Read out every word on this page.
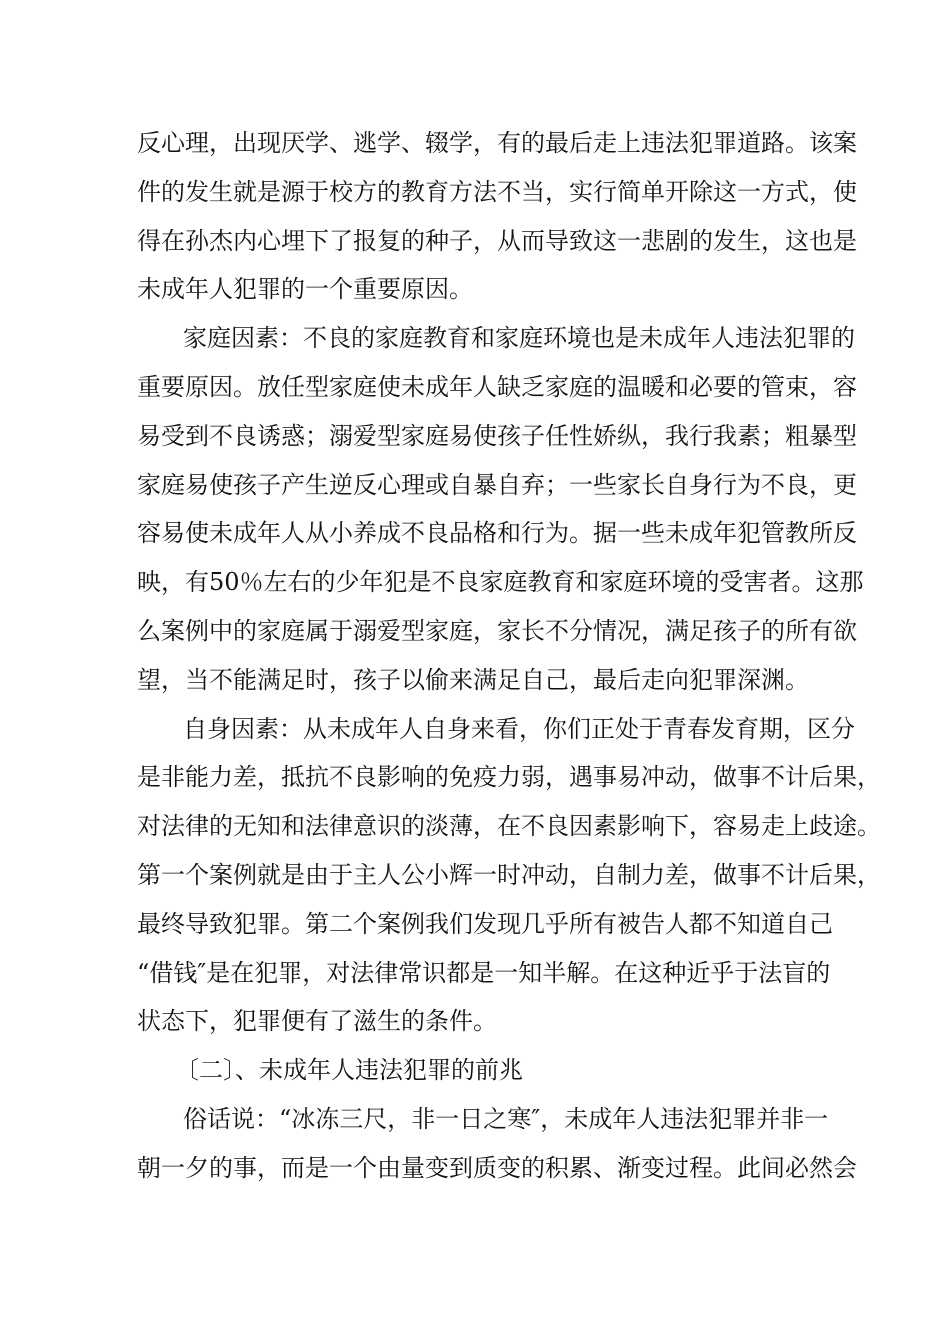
反心理，出现厌学、逃学、辍学，有的最后走上违法犯罪道路。该案
件的发生就是源于校方的教育方法不当，实行简单开除这一方式，使
得在孙杰内心埋下了报复的种子，从而导致这一悲剧的发生，这也是
未成年人犯罪的一个重要原因。
家庭因素：不良的家庭教育和家庭环境也是未成年人违法犯罪的
重要原因。放任型家庭使未成年人缺乏家庭的温暖和必要的管束，容
易受到不良诱惑；溺爱型家庭易使孩子任性娇纵，我行我素；粗暴型
家庭易使孩子产生逆反心理或自暴自弃；一些家长自身行为不良，更
容易使未成年人从小养成不良品格和行为。据一些未成年犯管教所反
映，有50％左右的少年犯是不良家庭教育和家庭环境的受害者。这那
么案例中的家庭属于溺爱型家庭，家长不分情况，满足孩子的所有欲
望，当不能满足时，孩子以偷来满足自己，最后走向犯罪深渊。
自身因素：从未成年人自身来看，你们正处于青春发育期，区分
是非能力差，抵抗不良影响的免疫力弱，遇事易冲动，做事不计后果，
对法律的无知和法律意识的淡薄，在不良因素影响下，容易走上歧途。
第一个案例就是由于主人公小辉一时冲动，自制力差，做事不计后果，
最终导致犯罪。第二个案例我们发现几乎所有被告人都不知道自己
“借钱″是在犯罪，对法律常识都是一知半解。在这种近乎于法盲的
状态下，犯罪便有了滋生的条件。
〔二〕、未成年人违法犯罪的前兆
俗话说：“冰冻三尺，非一日之寒″，未成年人违法犯罪并非一
朝一夕的事，而是一个由量变到质变的积累、渐变过程。此间必然会
